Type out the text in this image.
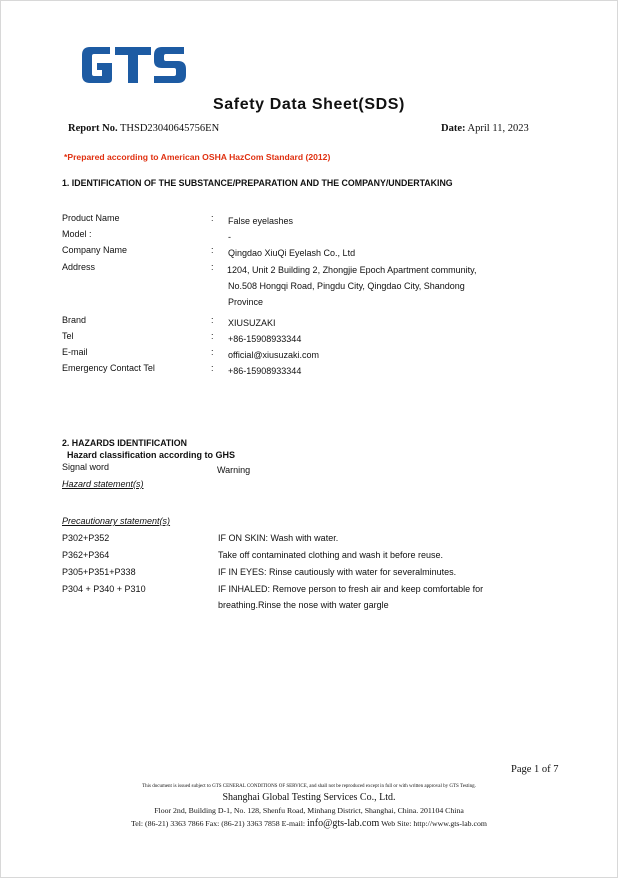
Safety Data Sheet(SDS)
Report No. THSD23040645756EN	Date: April 11, 2023
*Prepared according to American OSHA HazCom Standard (2012)
1. IDENTIFICATION OF THE SUBSTANCE/PREPARATION AND THE COMPANY/UNDERTAKING
Product Name	: False eyelashes
Model :	-
Company Name	: Qingdao XiuQi Eyelash Co., Ltd
Address	: 1204, Unit 2 Building 2, Zhongjie Epoch Apartment community,
No.508 Hongqi Road, Pingdu City, Qingdao City, Shandong
Province
Brand	: XIUSUZAKI
Tel	: +86-15908933344
E-mail	: official@xiusuzaki.com
Emergency Contact Tel	: +86-15908933344
2. HAZARDS IDENTIFICATION
Hazard classification according to GHS
Signal word	Warning
Hazard statement(s)
Precautionary statement(s)
P302+P352	IF ON SKIN: Wash with water.
P362+P364	Take off contaminated clothing and wash it before reuse.
P305+P351+P338	IF IN EYES: Rinse cautiously with water for severalminutes.
P304 + P340 + P310	IF INHALED: Remove person to fresh air and keep comfortable for
breathing.Rinse the nose with water gargle
Page 1 of 7
This document is issued subject to GTS CENERAL CONDITIONS OF SERVICE, and shall not be reproduced except in full or with written approval by GTS Testing.
Shanghai Global Testing Services Co., Ltd.
Floor 2nd, Building D-1, No. 128, Shenfu Road, Minhang District, Shanghai, China. 201104 China
Tel: (86-21) 3363 7866 Fax: (86-21) 3363 7858 E-mail: info@gts-lab.com Web Site: http://www.gts-lab.com
